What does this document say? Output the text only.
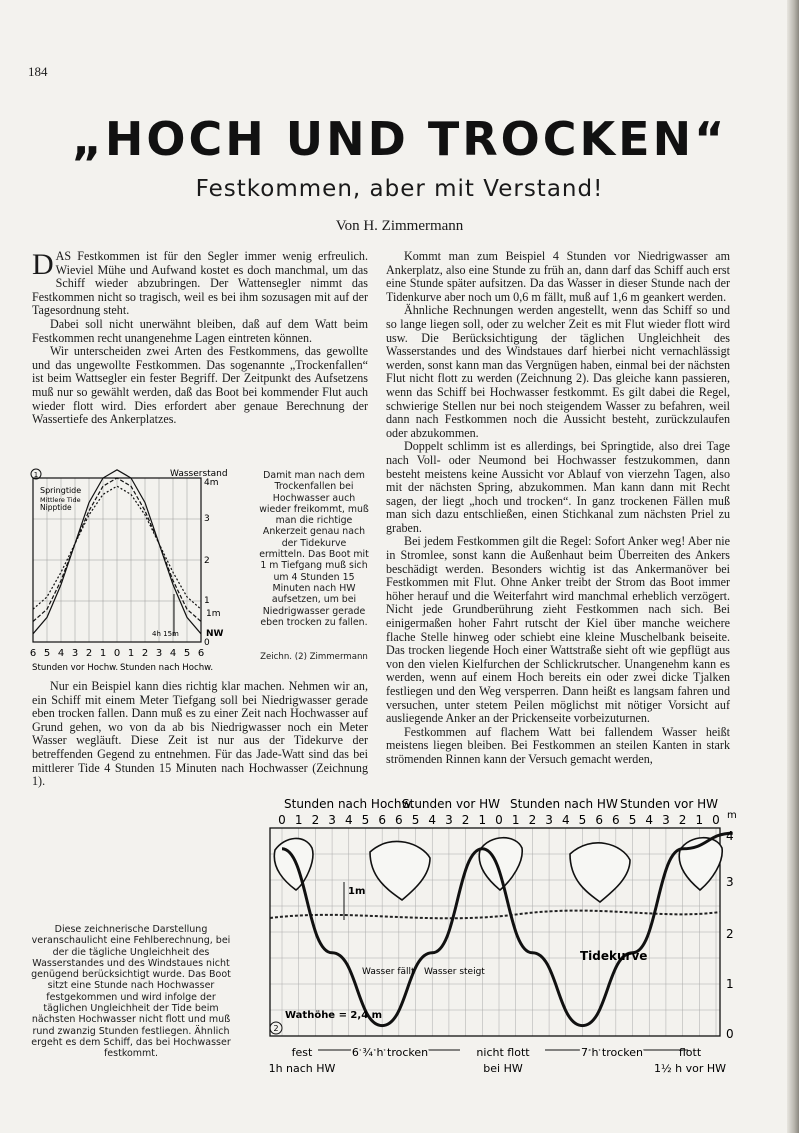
184
„HOCH UND TROCKEN“
Festkommen, aber mit Verstand!
Von H. Zimmermann

DAS Festkommen ist für den Segler immer wenig erfreulich. Wieviel Mühe und Aufwand kostet es doch manchmal, um das Schiff wieder abzubringen. Der Wattensegler nimmt das Festkommen nicht so tragisch, weil es bei ihm sozusagen mit auf der Tagesordnung steht.

Dabei soll nicht unerwähnt bleiben, daß auf dem Watt beim Festkommen recht unangenehme Lagen eintreten können.

Wir unterscheiden zwei Arten des Festkommens, das gewollte und das ungewollte Festkommen. Das sogenannte „Trockenfallen“ ist beim Wattsegler ein fester Begriff. Der Zeitpunkt des Aufsetzens muß nur so gewählt werden, daß das Boot bei kommender Flut auch wieder flott wird. Dies erfordert aber genaue Berechnung der Wassertiefe des Ankerplatzes.

1	Wasserstand
4m
3
2
1
0
Springtide
Mittlere Tide
Nipptide
1m
NW
4h 15m
6 5 4 3 2 1 0 1 2 3 4 5 6
Stunden vor Hochw. Stunden nach Hochw.
Damit man nach dem Trockenfallen bei Hochwasser auch wieder freikommt, muß man die richtige Ankerzeit genau nach der Tidekurve ermitteln. Das Boot mit 1 m Tiefgang muß sich um 4 Stunden 15 Minuten nach HW aufsetzen, um bei Niedrigwasser gerade eben trocken zu fallen.
Zeichn. (2) Zimmermann

Nur ein Beispiel kann dies richtig klar machen. Nehmen wir an, ein Schiff mit einem Meter Tiefgang soll bei Niedrigwasser gerade eben trocken fallen. Dann muß es zu einer Zeit nach Hochwasser auf Grund gehen, wo von da ab bis Niedrigwasser noch ein Meter Wasser wegläuft. Diese Zeit ist nur aus der Tidekurve der betreffenden Gegend zu entnehmen. Für das Jade-Watt sind das bei mittlerer Tide 4 Stunden 15 Minuten nach Hochwasser (Zeichnung 1).

Kommt man zum Beispiel 4 Stunden vor Niedrigwasser am Ankerplatz, also eine Stunde zu früh an, dann darf das Schiff auch erst eine Stunde später aufsitzen. Da das Wasser in dieser Stunde nach der Tidenkurve aber noch um 0,6 m fällt, muß auf 1,6 m geankert werden.

Ähnliche Rechnungen werden angestellt, wenn das Schiff so und so lange liegen soll, oder zu welcher Zeit es mit Flut wieder flott wird usw. Die Berücksichtigung der täglichen Ungleichheit des Wasserstandes und des Windstaues darf hierbei nicht vernachlässigt werden, sonst kann man das Vergnügen haben, einmal bei der nächsten Flut nicht flott zu werden (Zeichnung 2). Das gleiche kann passieren, wenn das Schiff bei Hochwasser festkommt. Es gilt dabei die Regel, schwierige Stellen nur bei noch steigendem Wasser zu befahren, weil dann nach Festkommen noch die Aussicht besteht, zurückzulaufen oder abzukommen.

Doppelt schlimm ist es allerdings, bei Springtide, also drei Tage nach Voll- oder Neumond bei Hochwasser festzukommen, dann besteht meistens keine Aussicht vor Ablauf von vierzehn Tagen, also mit der nächsten Spring, abzukommen. Man kann dann mit Recht sagen, der liegt „hoch und trocken“. In ganz trockenen Fällen muß man sich dazu entschließen, einen Stichkanal zum nächsten Priel zu graben.

Bei jedem Festkommen gilt die Regel: Sofort Anker weg! Aber nie in Stromlee, sonst kann die Außenhaut beim Überreiten des Ankers beschädigt werden. Besonders wichtig ist das Ankermanöver bei Festkommen mit Flut. Ohne Anker treibt der Strom das Boot immer höher herauf und die Weiterfahrt wird manchmal erheblich verzögert. Nicht jede Grundberührung zieht Festkommen nach sich. Bei einigermaßen hoher Fahrt rutscht der Kiel über manche weichere flache Stelle hinweg oder schiebt eine kleine Muschelbank beiseite. Das trocken liegende Hoch einer Wattstraße sieht oft wie gepflügt aus von den vielen Kielfurchen der Schlickrutscher. Unangenehm kann es werden, wenn auf einem Hoch bereits ein oder zwei dicke Tjalken festliegen und den Weg versperren. Dann heißt es langsam fahren und versuchen, unter stetem Peilen möglichst mit nötiger Vorsicht auf ausliegende Anker an der Prickenseite vorbeizuturnen.

Festkommen auf flachem Watt bei fallendem Wasser heißt meistens liegen bleiben. Bei Festkommen an steilen Kanten in stark strömenden Rinnen kann der Versuch gemacht werden,

Stunden nach Hochw.
Stunden vor HW Stunden nach HW Stunden vor HW
0 1 2 3 4 5 6 6 5 4 3 2 1 0 1 2 3 4 5 6 6 5 4 3 2 1 0 m
1m
Wasser fällt Wasser steigt
Tidekurve
Wathöhe = 2,4 m
4
3
2
1
0
2
fest
1h nach HW
6 ¾ h trocken	nicht flott
bei HW
7 h trocken	flott
1½ h vor HW
Diese zeichnerische Darstellung veranschaulicht eine Fehlberechnung, bei der die tägliche Ungleichheit des Wasserstandes und des Windstaues nicht genügend berücksichtigt wurde. Das Boot sitzt eine Stunde nach Hochwasser festgekommen und wird infolge der täglichen Ungleichheit der Tide beim nächsten Hochwasser nicht flott und muß rund zwanzig Stunden festliegen. Ähnlich ergeht es dem Schiff, das bei Hochwasser festkommt.
